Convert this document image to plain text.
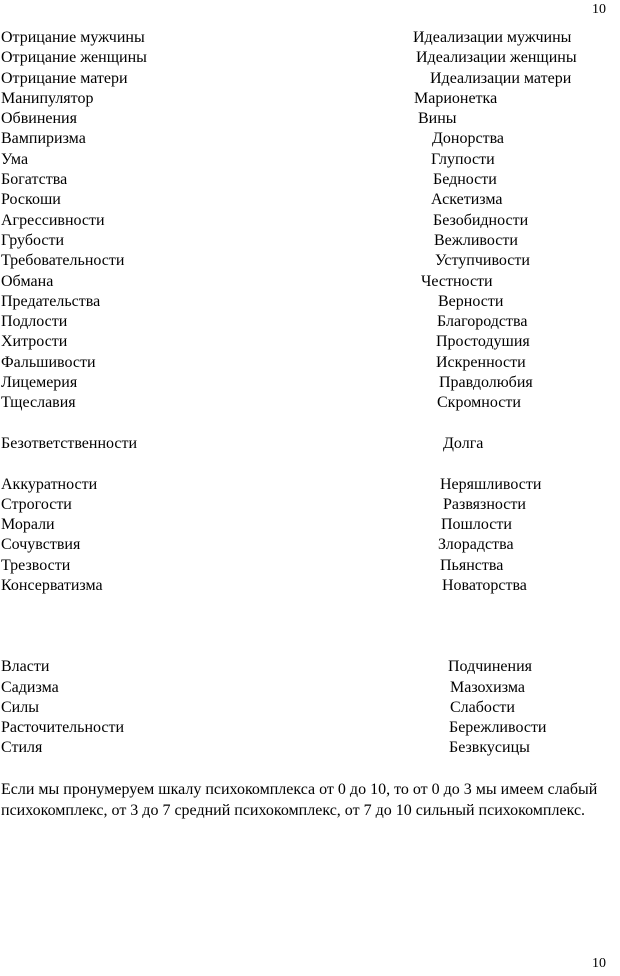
10
Отрицание мужчины	Идеализации мужчины
Отрицание женщины	Идеализации женщины
Отрицание матери	Идеализации матери
Манипулятор	Марионетка
Обвинения	Вины
Вампиризма	Донорства
Ума	Глупости
Богатства	Бедности
Роскоши	Аскетизма
Агрессивности	Безобидности
Грубости	Вежливости
Требовательности	Уступчивости
Обмана	Честности
Предательства	Верности
Подлости	Благородства
Хитрости	Простодушия
Фальшивости	Искренности
Лицемерия	Правдолюбия
Тщеславия	Скромности
Безответственности	Долга
Аккуратности	Неряшливости
Строгости	Развязности
Морали	Пошлости
Сочувствия	Злорадства
Трезвости	Пьянства
Консерватизма	Новаторства
Власти	Подчинения
Садизма	Мазохизма
Силы	Слабости
Расточительности	Бережливости
Стиля	Безвкусицы
Если мы пронумеруем шкалу психокомплекса от 0 до 10, то от 0 до 3 мы имеем слабый психокомплекс, от 3 до 7 средний психокомплекс, от 7 до 10 сильный психокомплекс.
10
